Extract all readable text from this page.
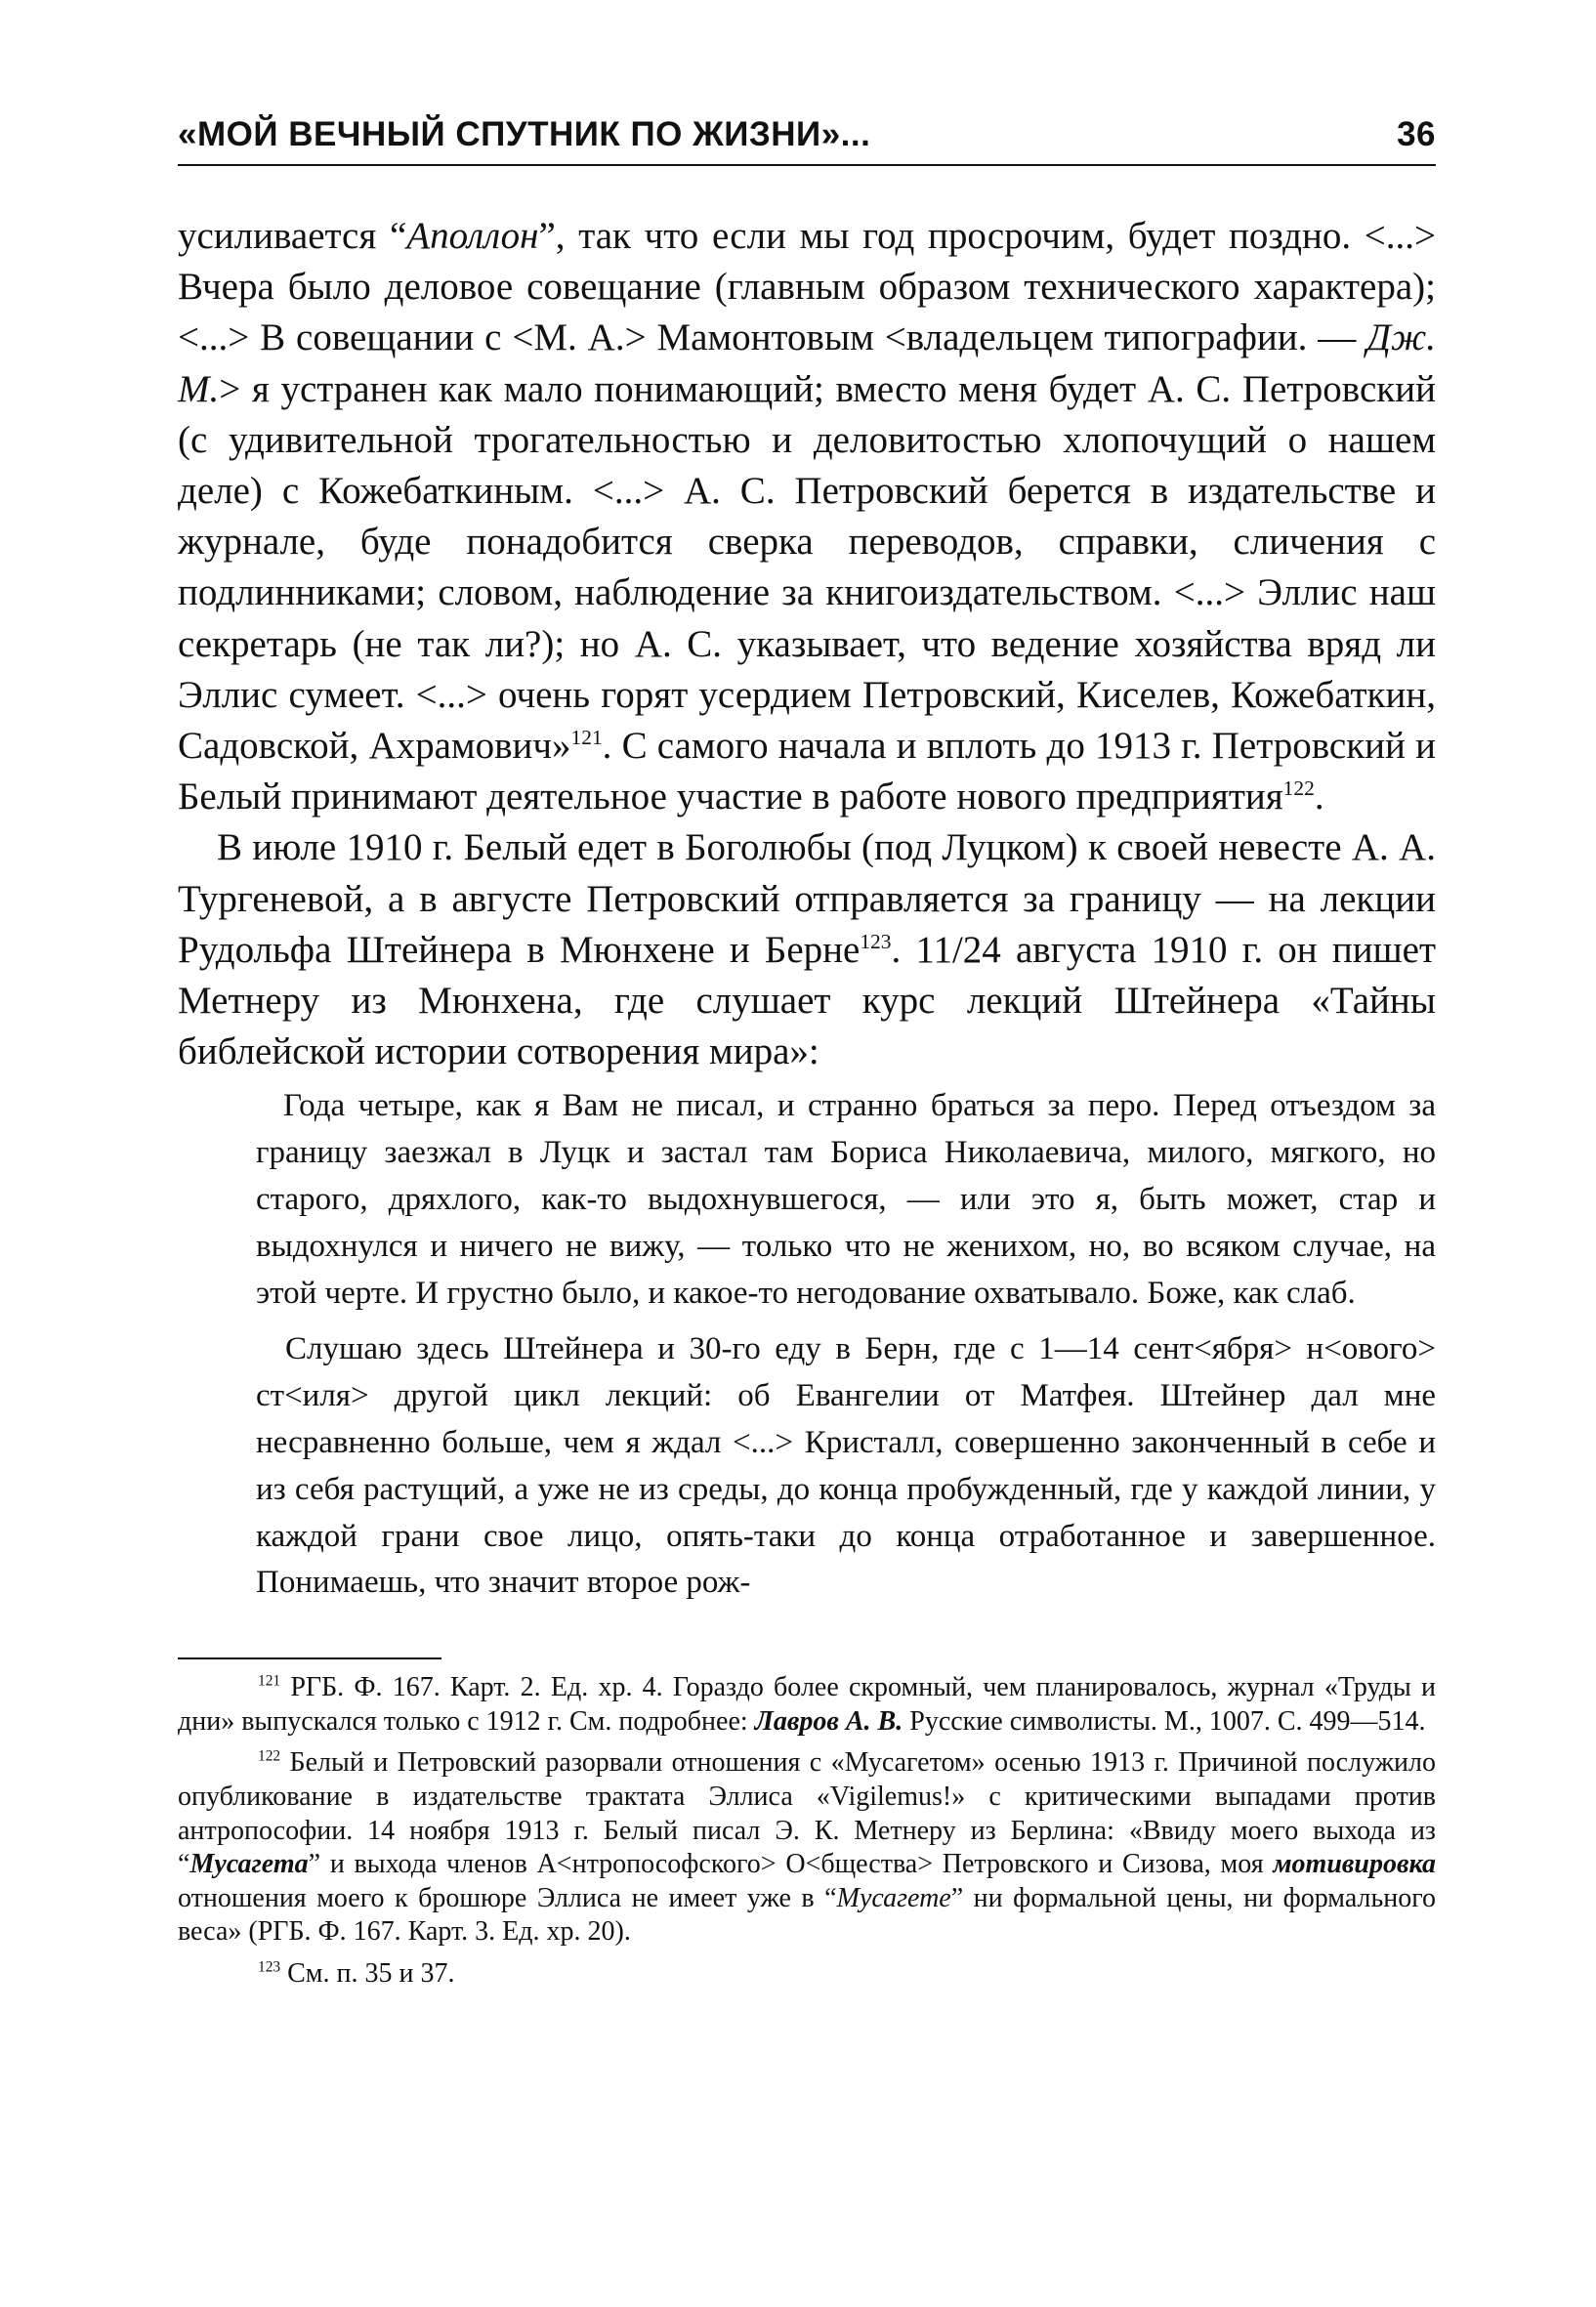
«МОЙ ВЕЧНЫЙ СПУТНИК ПО ЖИЗНИ»...	36

усиливается “Аполлон”, так что если мы год просрочим, будет поздно. <...> Вчера было деловое совещание (главным образом технического характера); <...> В совещании с <М. А.> Мамонтовым <владельцем типографии. — Дж. М.> я устранен как мало понимающий; вместо меня будет А. С. Петровский (с удивительной трогательностью и деловитостью хлопочущий о нашем деле) с Кожебаткиным. <...> А. С. Петровский берется в издательстве и журнале, буде понадобится сверка переводов, справки, сличения с подлинниками; словом, наблюдение за книгоиздательством. <...> Эллис наш секретарь (не так ли?); но А. С. указывает, что ведение хозяйства вряд ли Эллис сумеет. <...> очень горят усердием Петровский, Киселев, Кожебаткин, Садовской, Ахрамович»$^{121}$. С самого начала и вплоть до 1913 г. Петровский и Белый принимают деятельное участие в работе нового предприятия$^{122}$.

В июле 1910 г. Белый едет в Боголюбы (под Луцком) к своей невесте А. А. Тургеневой, а в августе Петровский отправляется за границу — на лекции Рудольфа Штейнера в Мюнхене и Берне$^{123}$. 11/24 августа 1910 г. он пишет Метнеру из Мюнхена, где слушает курс лекций Штейнера «Тайны библейской истории сотворения мира»:

Года четыре, как я Вам не писал, и странно браться за перо. Перед отъездом за границу заезжал в Луцк и застал там Бориса Николаевича, милого, мягкого, но старого, дряхлого, как-то выдохнувшегося, — или это я, быть может, стар и выдохнулся и ничего не вижу, — только что не женихом, но, во всяком случае, на этой черте. И грустно было, и какое-то негодование охватывало. Боже, как слаб.

Слушаю здесь Штейнера и 30-го еду в Берн, где с 1—14 сент<ября> н<ового> ст<иля> другой цикл лекций: об Евангелии от Матфея. Штейнер дал мне несравненно больше, чем я ждал <...> Кристалл, совершенно законченный в себе и из себя растущий, а уже не из среды, до конца пробужденный, где у каждой линии, у каждой грани свое лицо, опять-таки до конца отработанное и завершенное. Понимаешь, что значит второе рож-

$^{121}$ РГБ. Ф. 167. Карт. 2. Ед. хр. 4. Гораздо более скромный, чем планировалось, журнал «Труды и дни» выпускался только с 1912 г. См. подробнее: Лавров А. В. Русские символисты. М., 1007. С. 499—514.

$^{122}$ Белый и Петровский разорвали отношения с «Мусагетом» осенью 1913 г. Причиной послужило опубликование в издательстве трактата Эллиса «Vigilemus!» с критическими выпадами против антропософии. 14 ноября 1913 г. Белый писал Э. К. Метнеру из Берлина: «Ввиду моего выхода из “Мусагета” и выхода членов А<нтропософского> О<бщества> Петровского и Сизова, моя мотивировка отношения моего к брошюре Эллиса не имеет уже в “Мусагете” ни формальной цены, ни формального веса» (РГБ. Ф. 167. Карт. 3. Ед. хр. 20).

$^{123}$ См. п. 35 и 37.
